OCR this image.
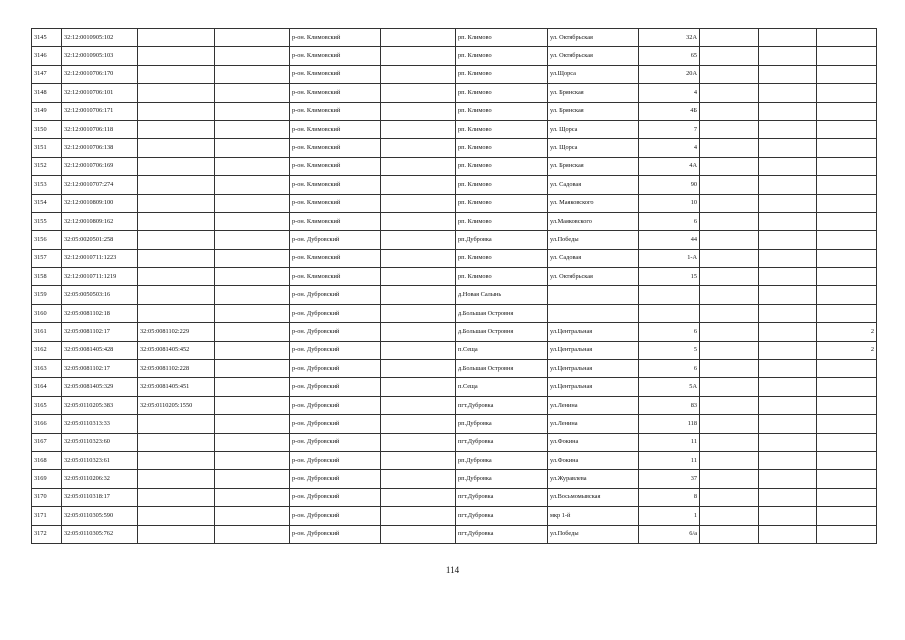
3145	32:12:0010905:102			р-он. Климовский		рп. Климово	ул. Октябрьская	32А			
3146	32:12:0010905:103			р-он. Климовский		рп. Климово	ул. Октябрьская	65			
3147	32:12:0010706:170			р-он. Климовский		рп. Климово	ул.Щорса	20А			
3148	32:12:0010706:101			р-он. Климовский		рп. Климово	ул. Брянская	4			
3149	32:12:0010706:171			р-он. Климовский		рп. Климово	ул. Брянская	4Б			
3150	32:12:0010706:118			р-он. Климовский		рп. Климово	ул. Щорса	7			
3151	32:12:0010706:138			р-он. Климовский		рп. Климово	ул. Щорса	4			
3152	32:12:0010706:169			р-он. Климовский		рп. Климово	ул. Брянская	4А			
3153	32:12:0010707:274			р-он. Климовский		рп. Климово	ул. Садовая	90			
3154	32:12:0010809:100			р-он. Климовский		рп. Климово	ул. Маяковского	10			
3155	32:12:0010809:162			р-он. Климовский		рп. Климово	ул.Маяковского	6			
3156	32:05:0020501:258			р-он. Дубровский		рп.Дубровка	ул.Победы	44			
3157	32:12:0010711:1223			р-он. Климовский		рп. Климово	ул. Садовая	1-А			
3158	32:12:0010711:1219			р-он. Климовский		рп. Климово	ул. Октябрьская	15			
3159	32:05:0050503:16			р-он. Дубровский		д.Новая Салынь					
3160	32:05:0081102:18			р-он. Дубровский		д.Большая Островня					
3161	32:05:0081102:17	32:05:0081102:229		р-он. Дубровский		д.Большая Островня	ул.Центральная	6			2
3162	32:05:0081405:428	32:05:0081405:452		р-он. Дубровский		п.Сеща	ул.Центральная	5			2
3163	32:05:0081102:17	32:05:0081102:228		р-он. Дубровский		д.Большая Островня	ул.Центральная	6			
3164	32:05:0081405:329	32:05:0081405:451		р-он. Дубровский		п.Сеща	ул.Центральная	5А			
3165	32:05:0110205:383	32:05:0110205:1550		р-он. Дубровский		пгт.Дубровка	ул.Ленина	83			
3166	32:05:0110313:33			р-он. Дубровский		рп.Дубровка	ул.Ленина	118			
3167	32:05:0110323:60			р-он. Дубровский		пгт.Дубровка	ул.Фокина	11			
3168	32:05:0110323:61			р-он. Дубровский		рп.Дубровка	ул.Фокина	11			
3169	32:05:0110206:32			р-он. Дубровский		рп.Дубровка	ул.Журавлева	37			
3170	32:05:0110318:17			р-он. Дубровский		пгт.Дубровка	ул.Восьмомывская	8			
3171	32:05:0110305:590			р-он. Дубровский		пгт.Дубровка	мкр 1-й	1			
3172	32:05:0110305:762			р-он. Дубровский		пгт.Дубровка	ул.Победы	6/a			
114
